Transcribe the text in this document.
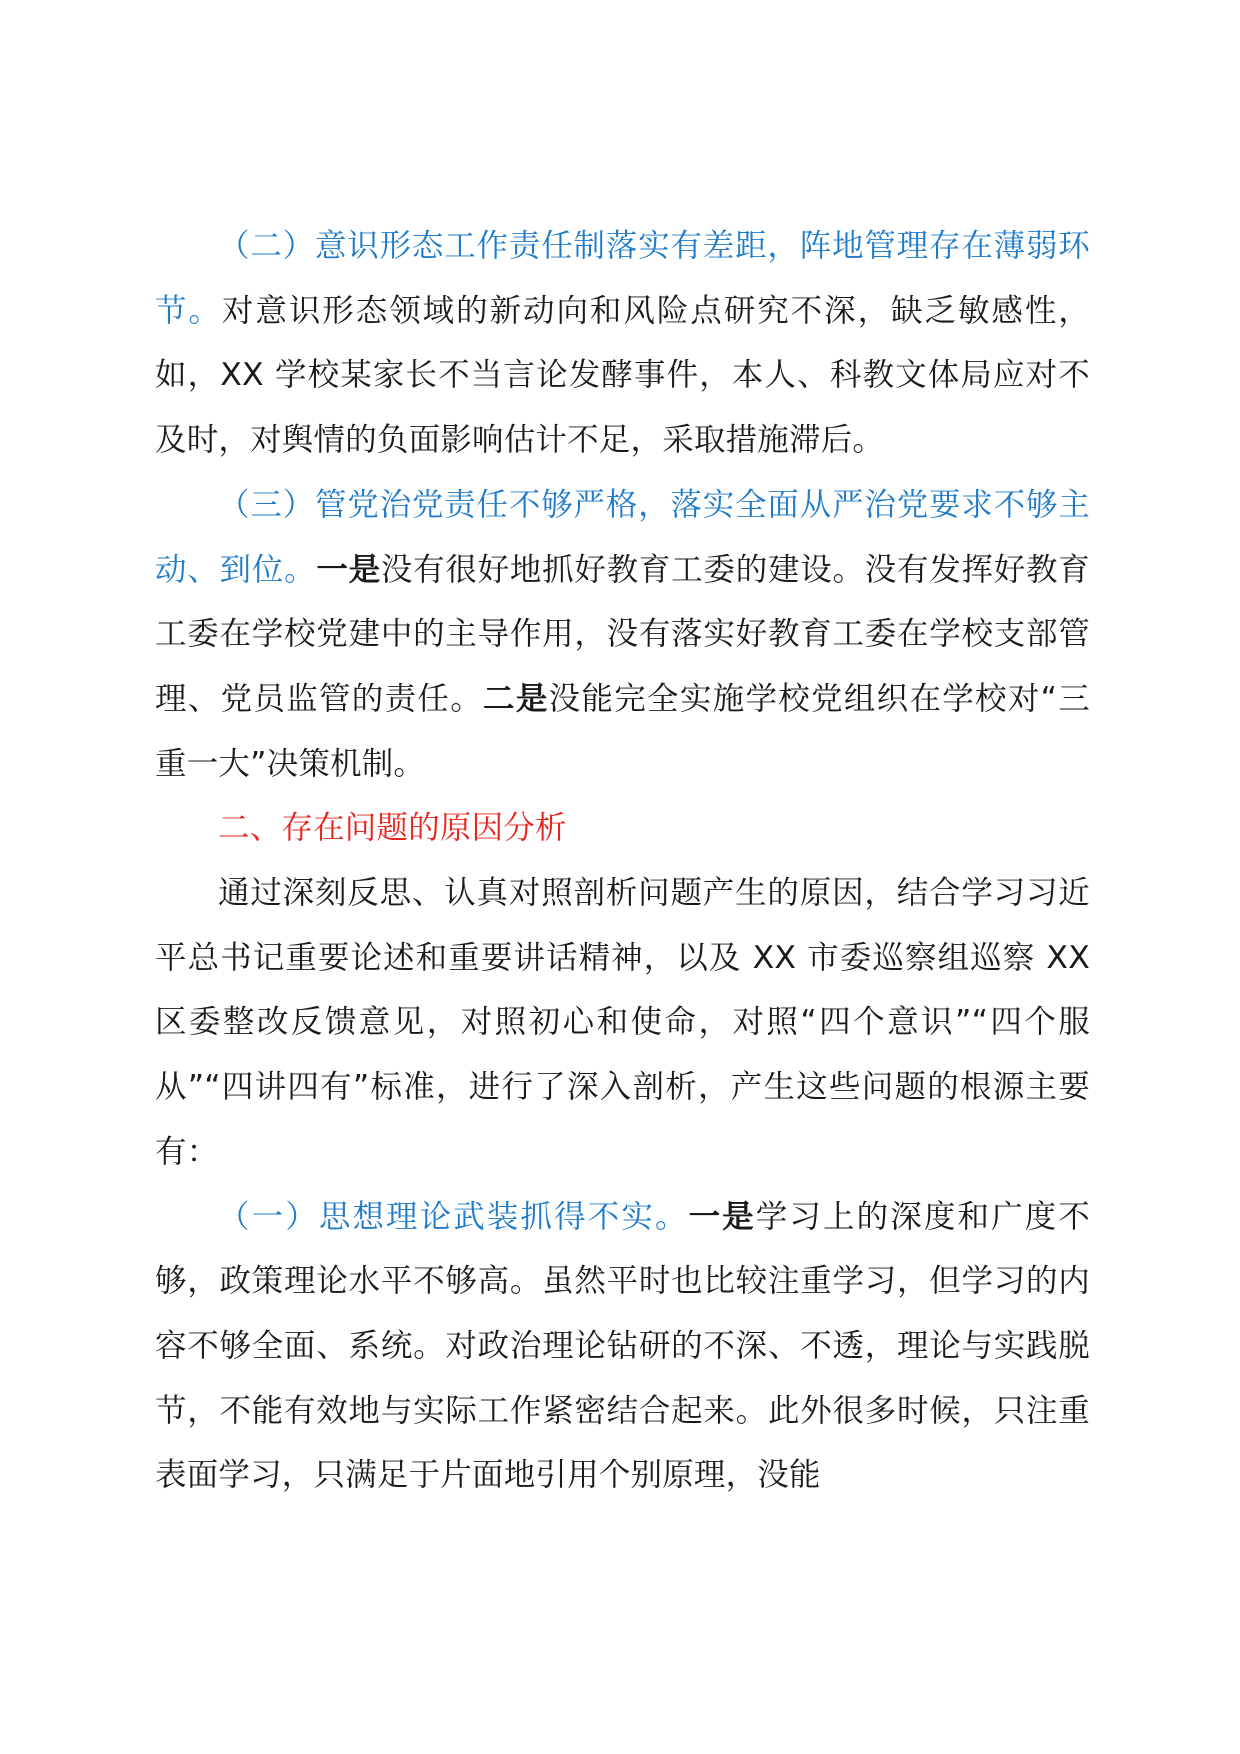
（二）意识形态工作责任制落实有差距，阵地管理存在薄弱环节。对意识形态领域的新动向和风险点研究不深，缺乏敏感性，如，XX 学校某家长不当言论发酵事件，本人、科教文体局应对不及时，对舆情的负面影响估计不足，采取措施滞后。

（三）管党治党责任不够严格，落实全面从严治党要求不够主动、到位。一是没有很好地抓好教育工委的建设。没有发挥好教育工委在学校党建中的主导作用，没有落实好教育工委在学校支部管理、党员监管的责任。二是没能完全实施学校党组织在学校对“三重一大”决策机制。

二、存在问题的原因分析

通过深刻反思、认真对照剖析问题产生的原因，结合学习习近平总书记重要论述和重要讲话精神，以及 XX 市委巡察组巡察 XX 区委整改反馈意见，对照初心和使命，对照“四个意识”“四个服从”“四讲四有”标准，进行了深入剖析，产生这些问题的根源主要有：

（一）思想理论武装抓得不实。一是学习上的深度和广度不够，政策理论水平不够高。虽然平时也比较注重学习，但学习的内容不够全面、系统。对政治理论钻研的不深、不透，理论与实践脱节，不能有效地与实际工作紧密结合起来。此外很多时候，只注重表面学习，只满足于片面地引用个别原理，没能
